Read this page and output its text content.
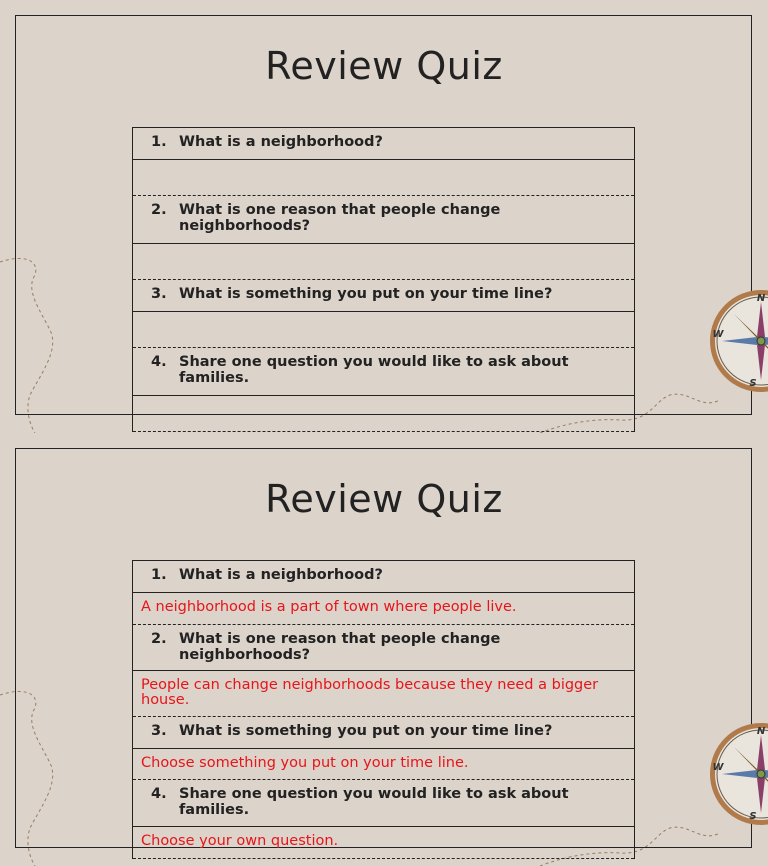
Review Quiz
1. What is a neighborhood?
2. What is one reason that people change neighborhoods?
3. What is something you put on your time line?
4. Share one question you would like to ask about families.
N
W
S
Review Quiz
1. What is a neighborhood?
A neighborhood is a part of town where people live.
2. What is one reason that people change neighborhoods?
People can change neighborhoods because they need a bigger house.
3. What is something you put on your time line?
Choose something you put on your time line.
4. Share one question you would like to ask about families.
Choose your own question.
N
W
S
